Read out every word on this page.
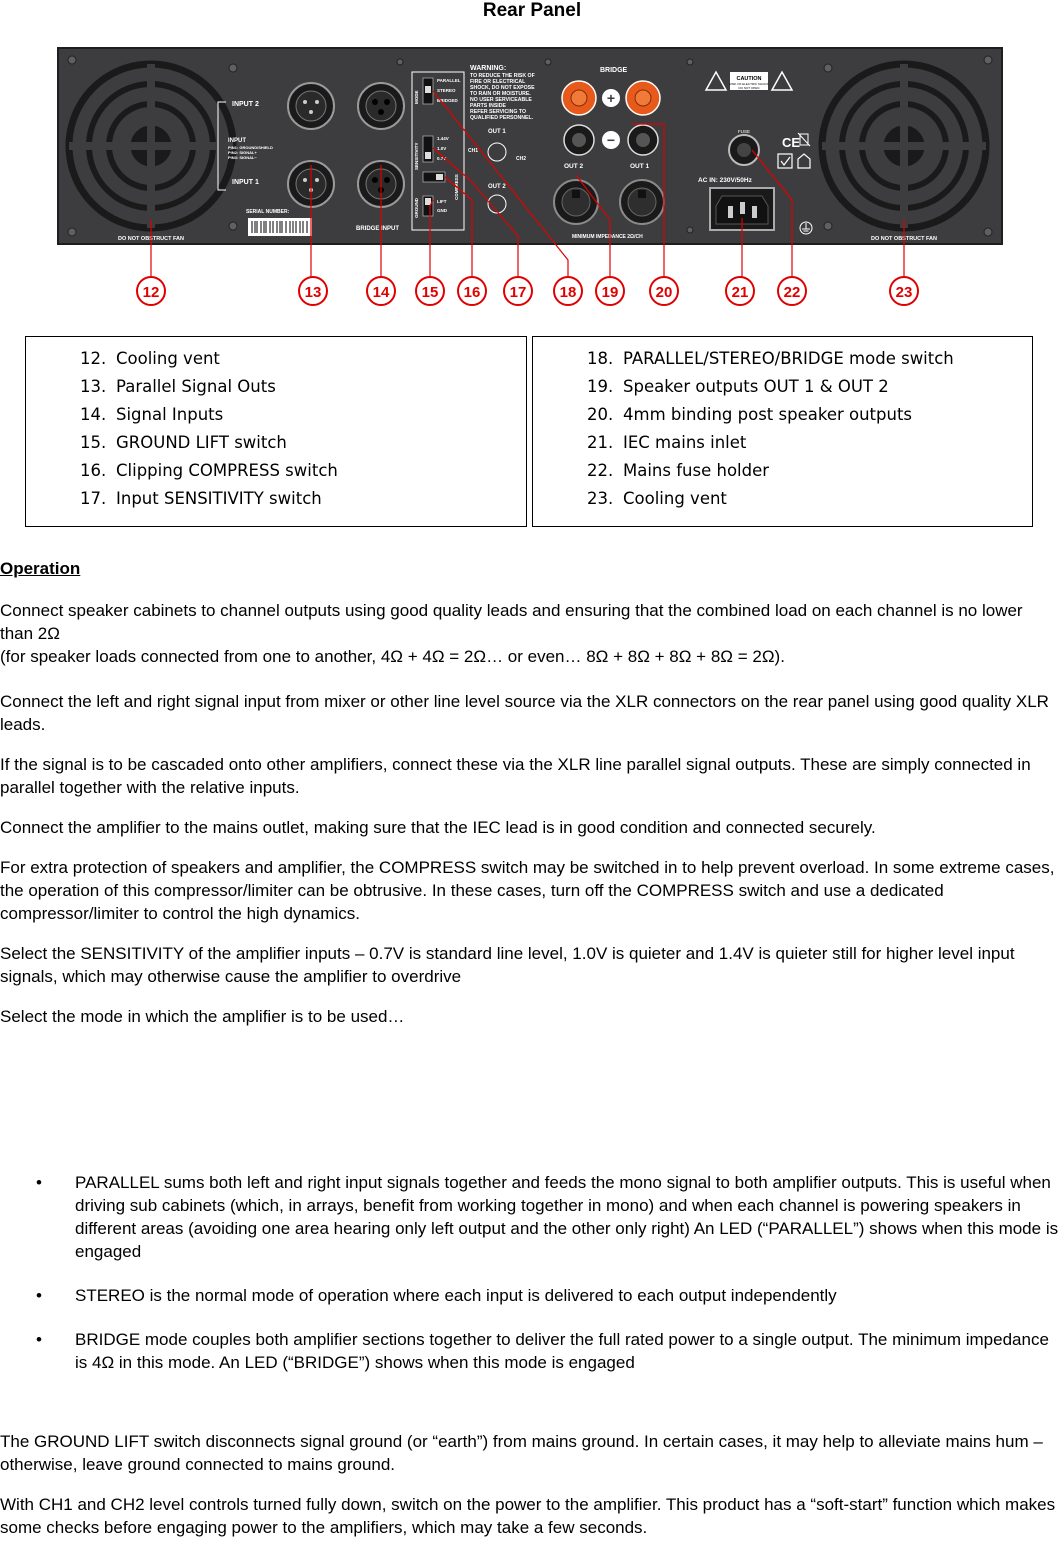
Rear Panel
DO NOT OBSTRUCT FAN	DO NOT OBSTRUCT FAN
INPUT 2
INPUT
PIN1: GROUND/SHIELD
PIN2: SIGNAL+
PIN3: SIGNAL−
INPUT 1
SERIAL NUMBER:
BRIDGE INPUT
MODE
PARALLEL
STEREO
BRIDGED
SENSITIVITY
1.44V
1.0V
0.7V
COMPRESS
GROUND	LIFT
GND
WARNING:
TO REDUCE THE RISK OF
FIRE OR ELECTRICAL
SHOCK, DO NOT EXPOSE
TO RAIN OR MOISTURE.
NO USER SERVICEABLE
PARTS INSIDE
REFER SERVICING TO
QUALIFIED PERSONNEL.
OUT 1
CH1
CH2
OUT 2
OUT 2	OUT 1
MINIMUM IMPEDANCE 2Ω/CH
BRIDGE
+
−
CAUTION
RISK OF ELECTRIC SHOCK
DO NOT OPEN
FUSE
CE
AC IN: 230V/50Hz
12	13	14 15 16 17 18 19 20	21 22	23
12. Cooling vent
13. Parallel Signal Outs
14. Signal Inputs
15. GROUND LIFT switch
16. Clipping COMPRESS switch
17. Input SENSITIVITY switch
18. PARALLEL/STEREO/BRIDGE mode switch
19. Speaker outputs OUT 1 & OUT 2
20. 4mm binding post speaker outputs
21. IEC mains inlet
22. Mains fuse holder
23. Cooling vent

Operation

Connect speaker cabinets to channel outputs using good quality leads and ensuring that the combined load on each channel is no lower than 2Ω

(for speaker loads connected from one to another, 4Ω + 4Ω = 2Ω… or even… 8Ω + 8Ω + 8Ω + 8Ω = 2Ω).

Connect the left and right signal input from mixer or other line level source via the XLR connectors on the rear panel using good quality XLR leads.

If the signal is to be cascaded onto other amplifiers, connect these via the XLR line parallel signal outputs. These are simply connected in parallel together with the relative inputs.

Connect the amplifier to the mains outlet, making sure that the IEC lead is in good condition and connected securely.

For extra protection of speakers and amplifier, the COMPRESS switch may be switched in to help prevent overload. In some extreme cases, the operation of this compressor/limiter can be obtrusive. In these cases, turn off the COMPRESS switch and use a dedicated compressor/limiter to control the high dynamics.

Select the SENSITIVITY of the amplifier inputs – 0.7V is standard line level, 1.0V is quieter and 1.4V is quieter still for higher level input signals, which may otherwise cause the amplifier to overdrive

Select the mode in which the amplifier is to be used…

• PARALLEL sums both left and right input signals together and feeds the mono signal to both amplifier outputs. This is useful when driving sub cabinets (which, in arrays, benefit from working together in mono) and when each channel is powering speakers in different areas (avoiding one area hearing only left output and the other only right) An LED (“PARALLEL”) shows when this mode is engaged
• STEREO is the normal mode of operation where each input is delivered to each output independently
• BRIDGE mode couples both amplifier sections together to deliver the full rated power to a single output. The minimum impedance is 4Ω in this mode. An LED (“BRIDGE”) shows when this mode is engaged

The GROUND LIFT switch disconnects signal ground (or “earth”) from mains ground. In certain cases, it may help to alleviate mains hum – otherwise, leave ground connected to mains ground.

With CH1 and CH2 level controls turned fully down, switch on the power to the amplifier. This product has a “soft-start” function which makes some checks before engaging power to the amplifiers, which may take a few seconds.
